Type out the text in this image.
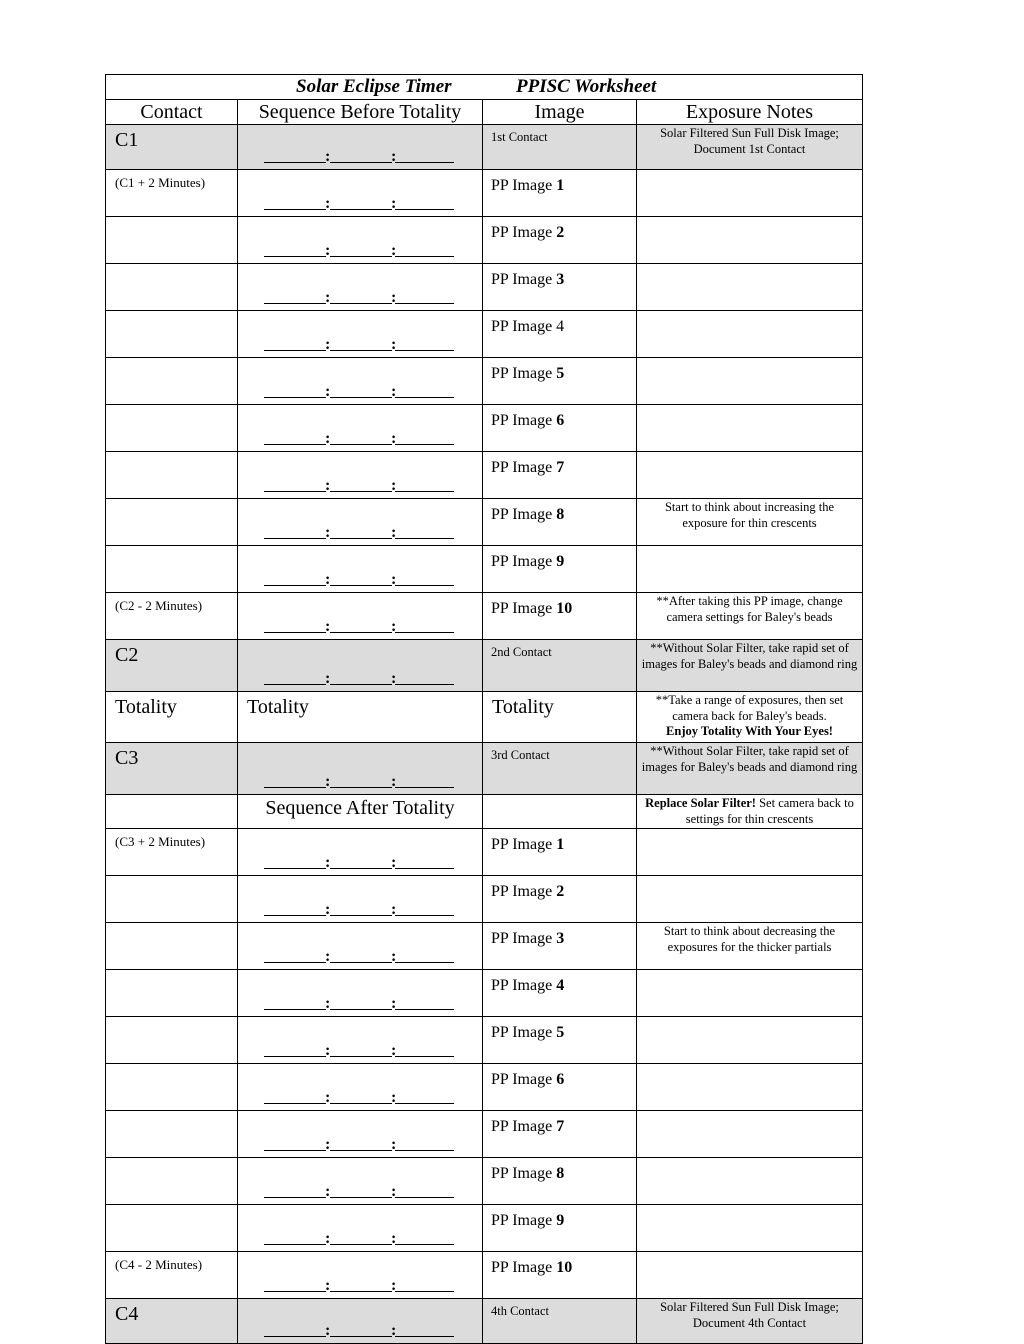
Solar Eclipse Timer PPISC Worksheet			

Contact	Sequence Before Totality	Image	Exposure Notes
C1	: :	1st Contact	Solar Filtered Sun Full Disk Image; Document 1st Contact
(C1 + 2 Minutes)	: :	PP Image 1	

	: :	PP Image 2	

	: :	PP Image 3	

	: :	PP Image 4	

	: :	PP Image 5	

	: :	PP Image 6	

	: :	PP Image 7	

	: :	PP Image 8	Start to think about increasing the exposure for thin crescents

	: :	PP Image 9	
(C2 - 2 Minutes)	: :	PP Image 10	**After taking this PP image, change camera settings for Baley's beads
C2	: :	2nd Contact	**Without Solar Filter, take rapid set of images for Baley's beads and diamond ring
Totality	Totality	Totality	**Take a range of exposures, then set camera back for Baley's beads.
Enjoy Totality With Your Eyes!
C3	: :	3rd Contact	**Without Solar Filter, take rapid set of images for Baley's beads and diamond ring
	Sequence After Totality		Replace Solar Filter! Set camera back to settings for thin crescents
(C3 + 2 Minutes)	: :	PP Image 1	

	: :	PP Image 2	

	: :	PP Image 3	Start to think about decreasing the exposures for the thicker partials

	: :	PP Image 4	

	: :	PP Image 5	

	: :	PP Image 6	

	: :	PP Image 7	

	: :	PP Image 8	

	: :	PP Image 9	
(C4 - 2 Minutes)	: :	PP Image 10	
C4	: :	4th Contact	Solar Filtered Sun Full Disk Image; Document 4th Contact
